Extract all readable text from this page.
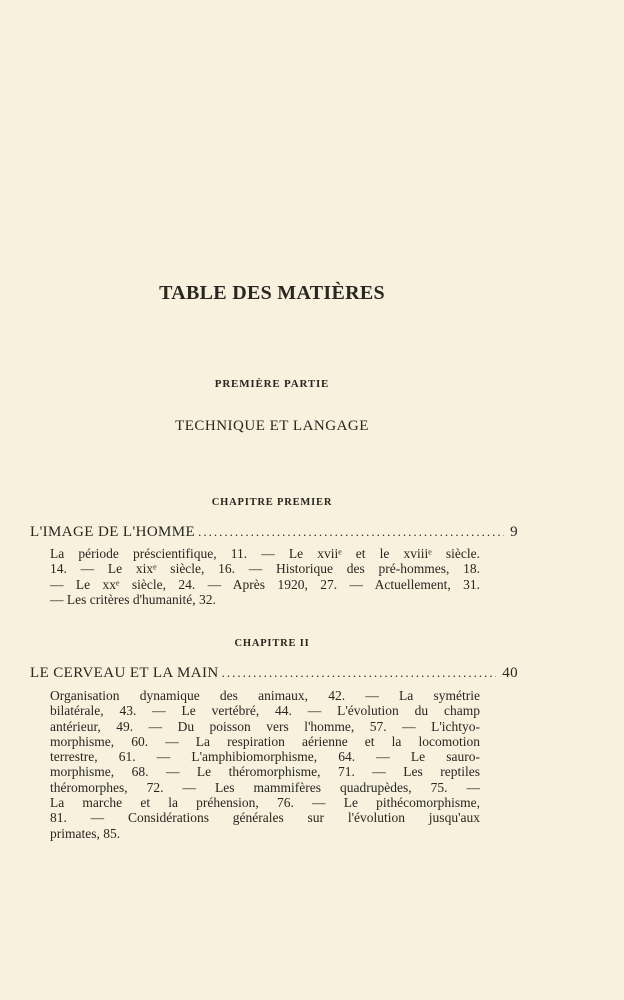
TABLE DES MATIÈRES
PREMIÈRE PARTIE
TECHNIQUE ET LANGAGE
CHAPITRE PREMIER
L'IMAGE DE L'HOMME .....	9
La période préscientifique, 11. — Le xviiᵉ et le xviiiᵉ siècle.
14. — Le xixᵉ siècle, 16. — Historique des pré-hommes, 18.
— Le xxᵉ siècle, 24. — Après 1920, 27. — Actuellement, 31.
— Les critères d'humanité, 32.
CHAPITRE II
LE CERVEAU ET LA MAIN .....	40
Organisation dynamique des animaux, 42. — La symétrie
bilatérale, 43. — Le vertébré, 44. — L'évolution du champ
antérieur, 49. — Du poisson vers l'homme, 57. — L'ichtyo-
morphisme, 60. — La respiration aérienne et la locomotion
terrestre, 61. — L'amphibiomorphisme, 64. — Le sauro-
morphisme, 68. — Le théromorphisme, 71. — Les reptiles
théromorphes, 72. — Les mammifères quadrupèdes, 75. —
La marche et la préhension, 76. — Le pithécomorphisme,
81. — Considérations générales sur l'évolution jusqu'aux
primates, 85.
